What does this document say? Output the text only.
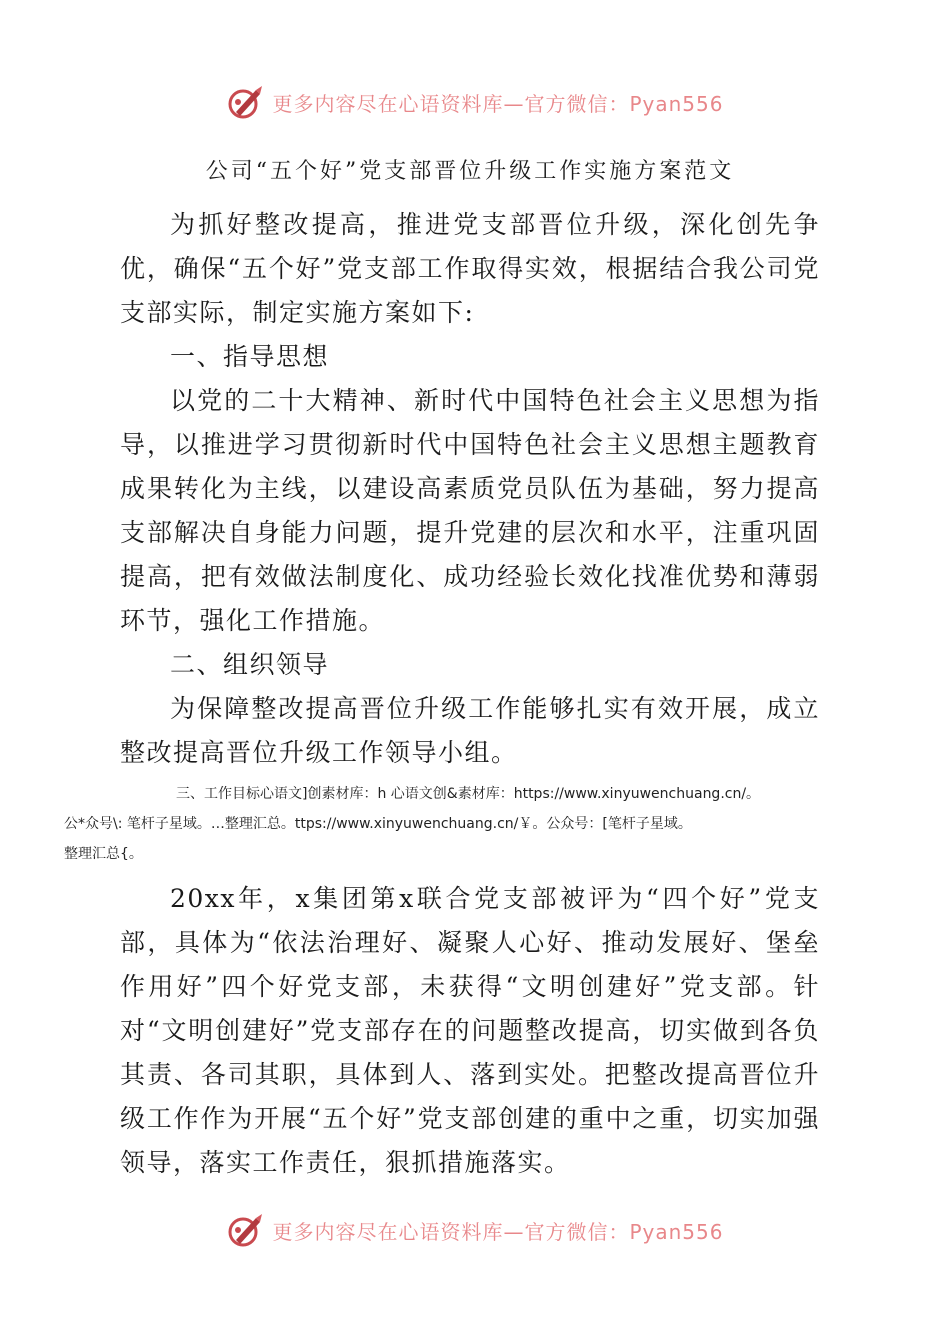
更多内容尽在心语资料库—官方微信：Pyan556
公司“五个好”党支部晋位升级工作实施方案范文

为抓好整改提高，推进党支部晋位升级，深化创先争优，确保“五个好”党支部工作取得实效，根据结合我公司党支部实际，制定实施方案如下:

一、指导思想

以党的二十大精神、新时代中国特色社会主义思想为指导，以推进学习贯彻新时代中国特色社会主义思想主题教育成果转化为主线，以建设高素质党员队伍为基础，努力提高支部解决自身能力问题，提升党建的层次和水平，注重巩固提高，把有效做法制度化、成功经验长效化找准优势和薄弱环节，强化工作措施。

二、组织领导

为保障整改提高晋位升级工作能够扎实有效开展，成立整改提高晋位升级工作领导小组。

三、工作目标心语文]创素材库：h 心语文创&素材库：https://www.xinyuwenchuang.cn/。
公*众号\: 笔杆子星域。…整理汇总。ttps://www.xinyuwenchuang.cn/￥。公众号：[笔杆子星域。
整理汇总{。

20xx年，x集团第x联合党支部被评为“四个好”党支部，具体为“依法治理好、凝聚人心好、推动发展好、堡垒作用好”四个好党支部，未获得“文明创建好”党支部。针对“文明创建好”党支部存在的问题整改提高，切实做到各负其责、各司其职，具体到人、落到实处。把整改提高晋位升级工作作为开展“五个好”党支部创建的重中之重，切实加强领导，落实工作责任，狠抓措施落实。

更多内容尽在心语资料库—官方微信：Pyan556
